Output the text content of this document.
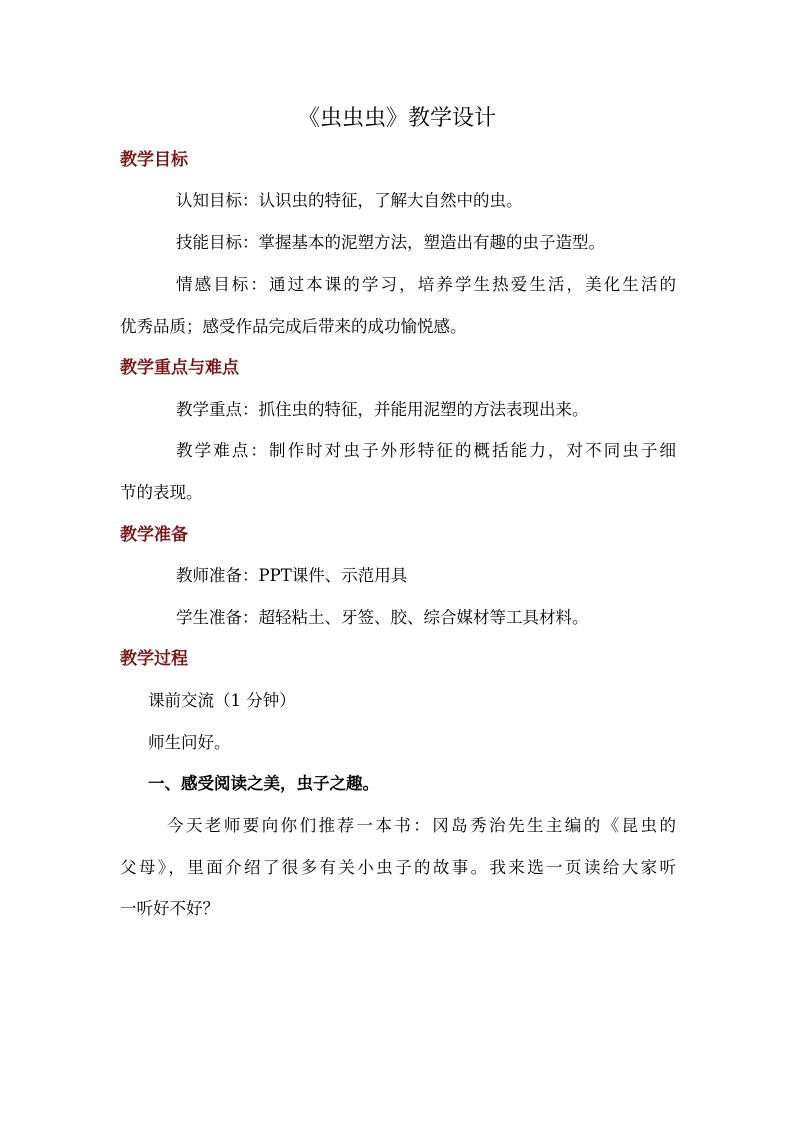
《虫虫虫》教学设计
教学目标
认知目标：认识虫的特征，了解大自然中的虫。
技能目标：掌握基本的泥塑方法，塑造出有趣的虫子造型。
情感目标：通过本课的学习，培养学生热爱生活，美化生活的
优秀品质；感受作品完成后带来的成功愉悦感。
教学重点与难点
教学重点：抓住虫的特征，并能用泥塑的方法表现出来。
教学难点：制作时对虫子外形特征的概括能力，对不同虫子细
节的表现。
教学准备
教师准备：PPT课件、示范用具
学生准备：超轻粘土、牙签、胶、综合媒材等工具材料。
教学过程
课前交流（1 分钟）
师生问好。
一、感受阅读之美，虫子之趣。
今天老师要向你们推荐一本书：冈岛秀治先生主编的《昆虫的
父母》，里面介绍了很多有关小虫子的故事。我来选一页读给大家听
一听好不好？
